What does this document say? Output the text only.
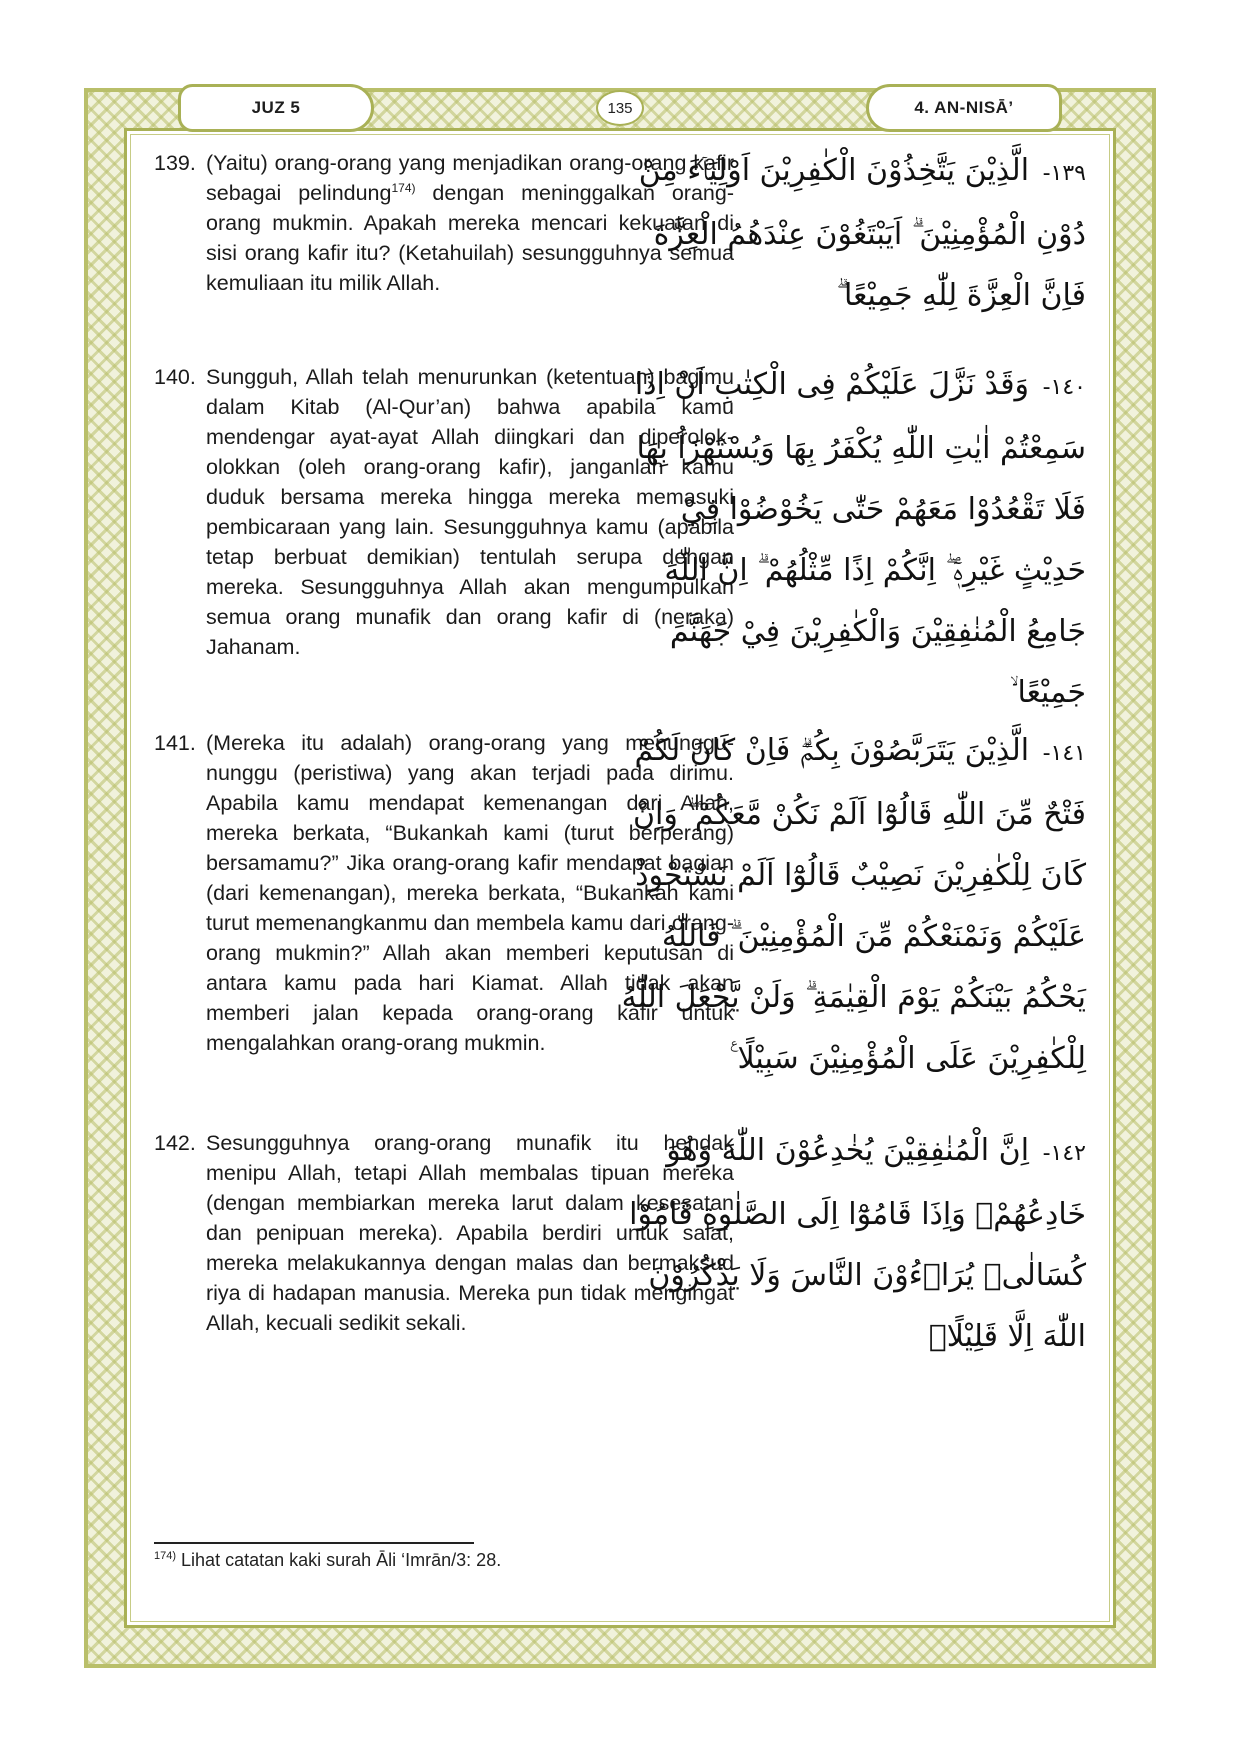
JUZ 5	135	4. AN-NISĀ’
139. (Yaitu) orang-orang yang menjadikan orang-orang kafir sebagai pelindung$^{174)}$ dengan meninggalkan orang-orang mukmin. Apakah mereka mencari kekuatan di sisi orang kafir itu? (Ketahuilah) sesungguhnya semua kemuliaan itu milik Allah.
١٣٩- الَّذِيْنَ يَتَّخِذُوْنَ الْكٰفِرِيْنَ اَوْلِيَاۤءَ مِنْ دُوْنِ الْمُؤْمِنِيْنَ ۗ اَيَبْتَغُوْنَ عِنْدَهُمُ الْعِزَّةَ فَاِنَّ الْعِزَّةَ لِلّٰهِ جَمِيْعًا ۗ
140. Sungguh, Allah telah menurunkan (ketentuan) bagimu dalam Kitab (Al-Qur’an) bahwa apabila kamu mendengar ayat-ayat Allah diingkari dan diperolok-olokkan (oleh orang-orang kafir), janganlah kamu duduk bersama mereka hingga mereka memasuki pembicaraan yang lain. Sesungguhnya kamu (apabila tetap berbuat demikian) tentulah serupa dengan mereka. Sesungguhnya Allah akan mengumpulkan semua orang munafik dan orang kafir di (neraka) Jahanam.
١٤٠- وَقَدْ نَزَّلَ عَلَيْكُمْ فِى الْكِتٰبِ اَنْ اِذَا سَمِعْتُمْ اٰيٰتِ اللّٰهِ يُكْفَرُ بِهَا وَيُسْتَهْزَاُ بِهَا فَلَا تَقْعُدُوْا مَعَهُمْ حَتّٰى يَخُوْضُوْا فِيْ حَدِيْثٍ غَيْرِهٖٓ ۖ اِنَّكُمْ اِذًا مِّثْلُهُمْ ۗ اِنَّ اللّٰهَ جَامِعُ الْمُنٰفِقِيْنَ وَالْكٰفِرِيْنَ فِيْ جَهَنَّمَ جَمِيْعًا ۙ
141. (Mereka itu adalah) orang-orang yang menunggu-nunggu (peristiwa) yang akan terjadi pada dirimu. Apabila kamu mendapat kemenangan dari Allah, mereka berkata, “Bukankah kami (turut berperang) bersamamu?” Jika orang-orang kafir mendapat bagian (dari kemenangan), mereka berkata, “Bukankah kami turut memenangkanmu dan membela kamu dari orang-orang mukmin?” Allah akan memberi keputusan di antara kamu pada hari Kiamat. Allah tidak akan memberi jalan kepada orang-orang kafir untuk mengalahkan orang-orang mukmin.
١٤١- الَّذِيْنَ يَتَرَبَّصُوْنَ بِكُمْۗ فَاِنْ كَانَ لَكُمْ فَتْحٌ مِّنَ اللّٰهِ قَالُوْٓا اَلَمْ نَكُنْ مَّعَكُمْ ۖ وَاِنْ كَانَ لِلْكٰفِرِيْنَ نَصِيْبٌ قَالُوْٓا اَلَمْ نَسْتَحْوِذْ عَلَيْكُمْ وَنَمْنَعْكُمْ مِّنَ الْمُؤْمِنِيْنَ ۗ فَاللّٰهُ يَحْكُمُ بَيْنَكُمْ يَوْمَ الْقِيٰمَةِ ۗ وَلَنْ يَّجْعَلَ اللّٰهُ لِلْكٰفِرِيْنَ عَلَى الْمُؤْمِنِيْنَ سَبِيْلًا ࣖ
142. Sesungguhnya orang-orang munafik itu hendak menipu Allah, tetapi Allah membalas tipuan mereka (dengan membiarkan mereka larut dalam kesesatan dan penipuan mereka). Apabila berdiri untuk salat, mereka melakukannya dengan malas dan bermaksud riya di hadapan manusia. Mereka pun tidak mengingat Allah, kecuali sedikit sekali.
١٤٢- اِنَّ الْمُنٰفِقِيْنَ يُخٰدِعُوْنَ اللّٰهَ وَهُوَ خَادِعُهُمْۚ وَاِذَا قَامُوْٓا اِلَى الصَّلٰوةِ قَامُوْا كُسَالٰىۙ يُرَاۤءُوْنَ النَّاسَ وَلَا يَذْكُرُوْنَ اللّٰهَ اِلَّا قَلِيْلًاۖ
$^{174)}$ Lihat catatan kaki surah Āli ‘Imrān/3: 28.
